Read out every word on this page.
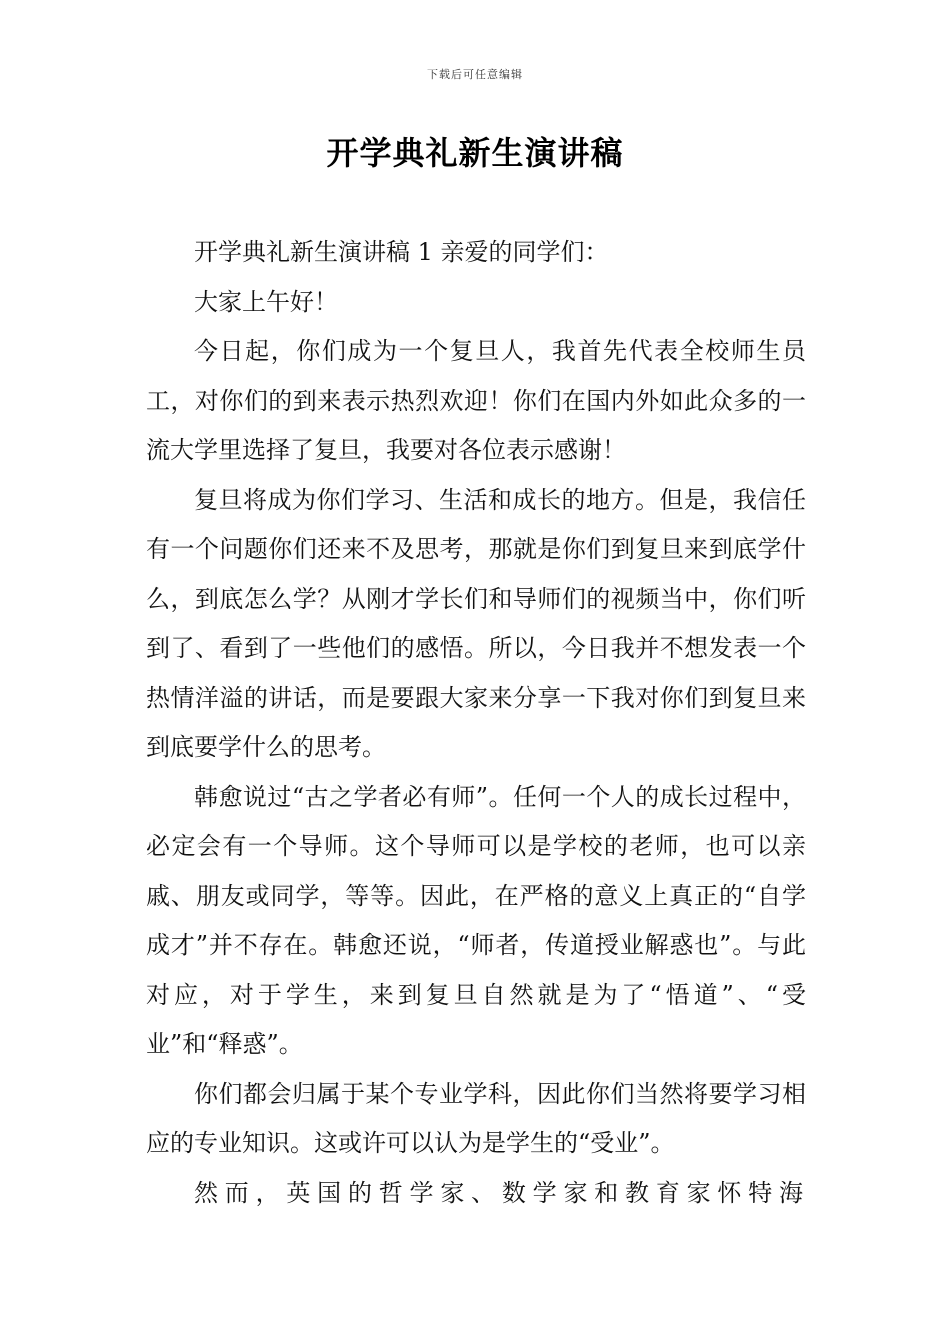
下载后可任意编辑
开学典礼新生演讲稿

开学典礼新生演讲稿 1 亲爱的同学们：

大家上午好！

今日起，你们成为一个复旦人，我首先代表全校师生员工，对你们的到来表示热烈欢迎！你们在国内外如此众多的一流大学里选择了复旦，我要对各位表示感谢！

复旦将成为你们学习、生活和成长的地方。但是，我信任有一个问题你们还来不及思考，那就是你们到复旦来到底学什么，到底怎么学？从刚才学长们和导师们的视频当中，你们听到了、看到了一些他们的感悟。所以，今日我并不想发表一个热情洋溢的讲话，而是要跟大家来分享一下我对你们到复旦来到底要学什么的思考。

韩愈说过“古之学者必有师”。任何一个人的成长过程中，必定会有一个导师。这个导师可以是学校的老师，也可以亲戚、朋友或同学，等等。因此，在严格的意义上真正的“自学成才”并不存在。韩愈还说，“师者，传道授业解惑也”。与此对应，对于学生，来到复旦自然就是为了“悟道”、“受业”和“释惑”。

你们都会归属于某个专业学科，因此你们当然将要学习相应的专业知识。这或许可以认为是学生的“受业”。

然而，英国的哲学家、数学家和教育家怀特海
